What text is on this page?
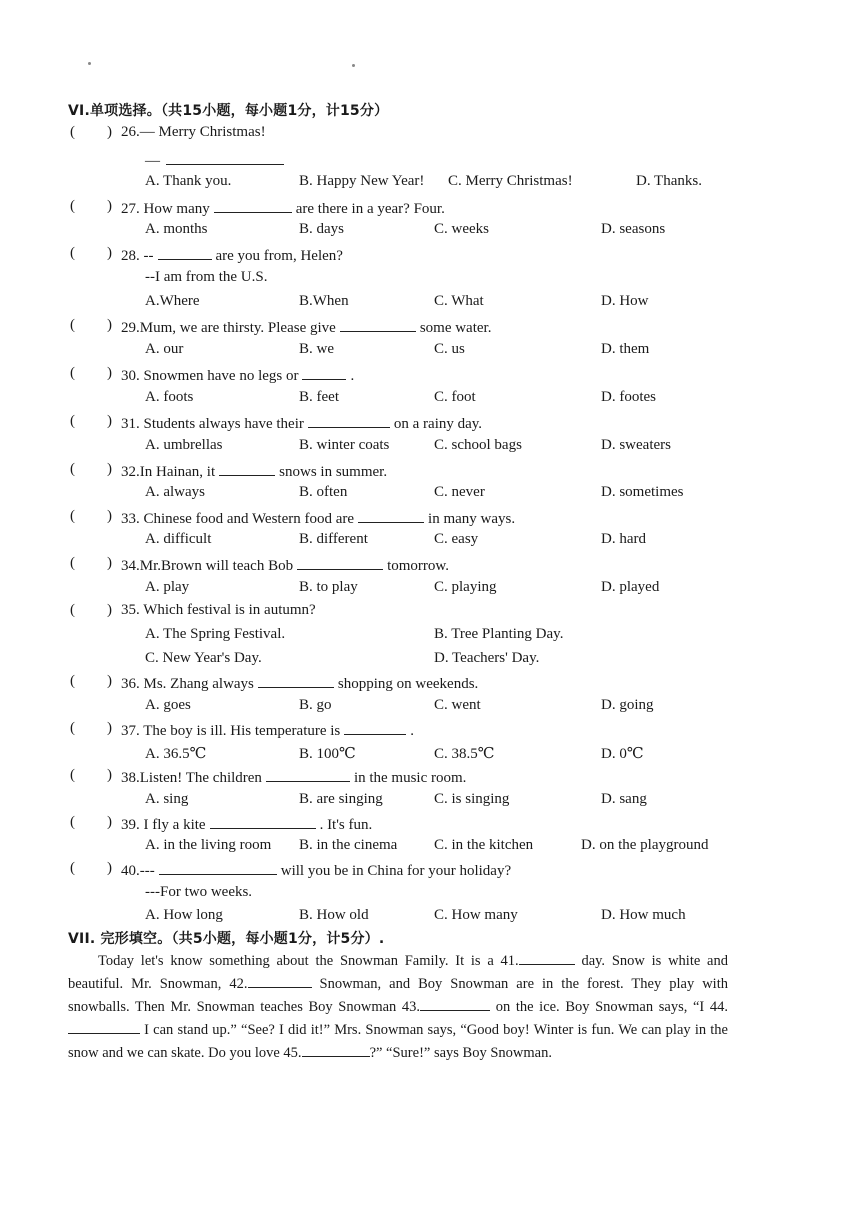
VI.单项选择。（共15小题，每小题1分，计15分）
( ) 26.— Merry Christmas!
—
A. Thank you.	B. Happy New Year! C. Merry Christmas!	D. Thanks.
( ) 27. How many	are there in a year? Four.
A. months	B. days	C. weeks	D. seasons
( ) 28. --	are you from, Helen?
--I am from the U.S.
A.Where	B.When	C. What	D. How
( ) 29.Mum, we are thirsty. Please give	some water.
A. our	B. we	C. us	D. them
( ) 30. Snowmen have no legs or	.
A. foots	B. feet	C. foot	D. footes
( ) 31. Students always have their	on a rainy day.
A. umbrellas	B. winter coats	C. school bags	D. sweaters
( ) 32.In Hainan, it	snows in summer.
A. always	B. often	C. never	D. sometimes
( ) 33. Chinese food and Western food are	in many ways.
A. difficult	B. different	C. easy	D. hard
( ) 34.Mr.Brown will teach Bob	tomorrow.
A. play	B. to play	C. playing	D. played
( ) 35. Which festival is in autumn?
A. The Spring Festival.	B. Tree Planting Day.
C. New Year's Day.	D. Teachers' Day.
( ) 36. Ms. Zhang always	shopping on weekends.
A. goes	B. go	C. went	D. going
( ) 37. The boy is ill. His temperature is	.
A. 36.5℃	B. 100℃	C. 38.5℃	D. 0℃
( ) 38.Listen! The children	in the music room.
A. sing	B. are singing	C. is singing	D. sang
( ) 39. I fly a kite	. It's fun.
A. in the living room B. in the cinema C. in the kitchen	D. on the playground
( ) 40.---	will you be in China for your holiday?
---For two weeks.
A. How long	B. How old	C. How many	D. How much
VII. 完形填空。（共5小题，每小题1分，计5分）.

Today let's know something about the Snowman Family. It is a 41.	day. Snow is white and beautiful. Mr. Snowman, 42.	Snowman, and Boy Snowman are in the forest. They play with snowballs. Then Mr. Snowman teaches Boy Snowman 43.	on the ice. Boy Snowman says, “I 44. I can stand up.” “See? I did it!” Mrs. Snowman says, “Good boy! Winter is fun. We can play in the snow and we can skate. Do you love 45.	?” “Sure!” says Boy Snowman.
